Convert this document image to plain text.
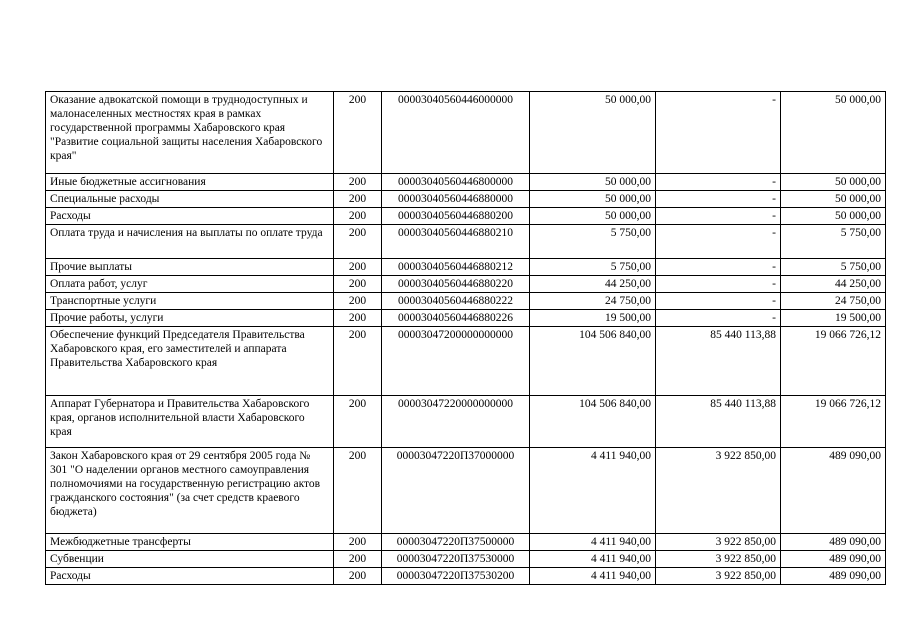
Оказание адвокатской помощи в труднодоступных и малонаселенных местностях края в рамках государственной программы Хабаровского края "Развитие социальной защиты населения Хабаровского края"	200	00003040560446000000	50 000,00	-	50 000,00
Иные бюджетные ассигнования	200	00003040560446800000	50 000,00	-	50 000,00
Специальные расходы	200	00003040560446880000	50 000,00	-	50 000,00
Расходы	200	00003040560446880200	50 000,00	-	50 000,00
Оплата труда и начисления на выплаты по оплате труда	200	00003040560446880210	5 750,00	-	5 750,00
Прочие выплаты	200	00003040560446880212	5 750,00	-	5 750,00
Оплата работ, услуг	200	00003040560446880220	44 250,00	-	44 250,00
Транспортные услуги	200	00003040560446880222	24 750,00	-	24 750,00
Прочие работы, услуги	200	00003040560446880226	19 500,00	-	19 500,00
Обеспечение функций Председателя Правительства Хабаровского края, его заместителей и аппарата Правительства Хабаровского края	200	00003047200000000000	104 506 840,00	85 440 113,88	19 066 726,12
Аппарат Губернатора и Правительства Хабаровского края, органов исполнительной власти Хабаровского края	200	00003047220000000000	104 506 840,00	85 440 113,88	19 066 726,12
Закон Хабаровского края от 29 сентября 2005 года № 301 "О наделении органов местного самоуправления полномочиями на государственную регистрацию актов гражданского состояния" (за счет средств краевого бюджета)	200	00003047220П37000000	4 411 940,00	3 922 850,00	489 090,00
Межбюджетные трансферты	200	00003047220П37500000	4 411 940,00	3 922 850,00	489 090,00
Субвенции	200	00003047220П37530000	4 411 940,00	3 922 850,00	489 090,00
Расходы	200	00003047220П37530200	4 411 940,00	3 922 850,00	489 090,00
